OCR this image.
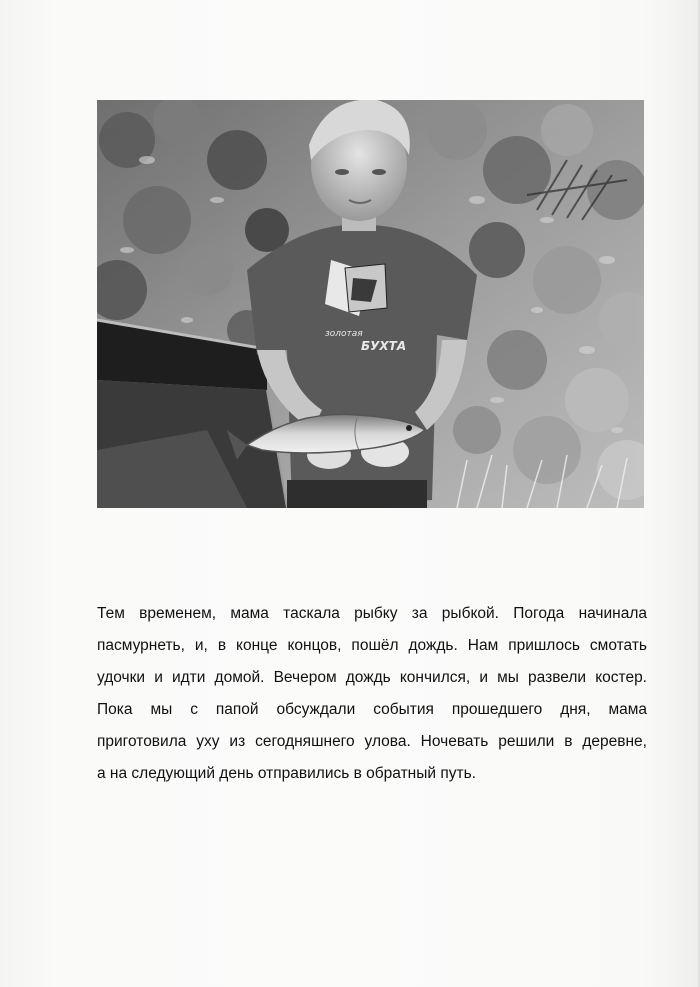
золотая
БУХТА
Тем временем, мама таскала рыбку за рыбкой. Погода начинала
пасмурнеть, и, в конце концов, пошёл дождь. Нам пришлось смотать
удочки и идти домой. Вечером дождь кончился, и мы развели костер.
Пока мы с папой обсуждали события прошедшего дня, мама
приготовила уху из сегодняшнего улова. Ночевать решили в деревне,
а на следующий день отправились в обратный путь.
